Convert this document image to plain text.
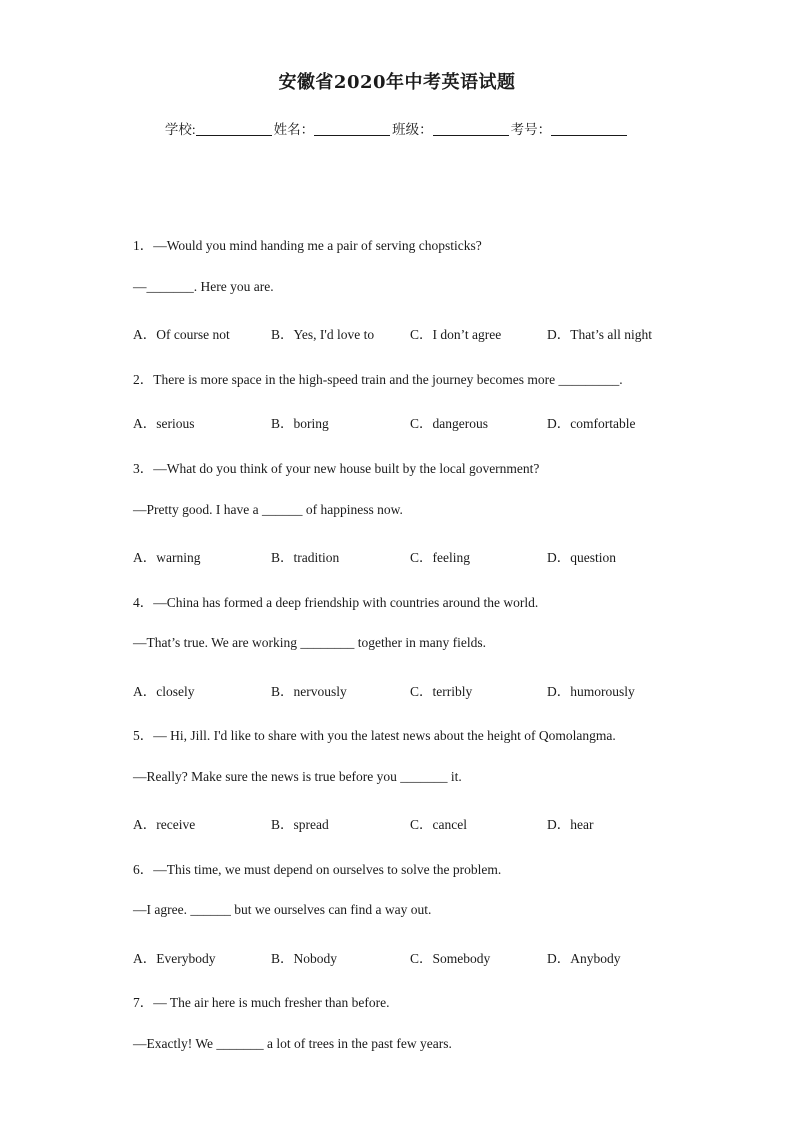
安徽省2020年中考英语试题
学校:	姓名：	班级：	考号：
1．—Would you mind handing me a pair of serving chopsticks?
—_______. Here you are.
A．Of course not	B．Yes, I'd love to	C．I don’t agree	D．That’s all night
2．There is more space in the high-speed train and the journey becomes more _________.
A．serious	B．boring	C．dangerous	D．comfortable
3．—What do you think of your new house built by the local government?
—Pretty good. I have a ______ of happiness now.
A．warning	B．tradition	C．feeling	D．question
4．—China has formed a deep friendship with countries around the world.
—That’s true. We are working ________ together in many fields.
A．closely	B．nervously	C．terribly	D．humorously
5．— Hi, Jill. I'd like to share with you the latest news about the height of Qomolangma.
—Really? Make sure the news is true before you _______ it.
A．receive	B．spread	C．cancel	D．hear
6．—This time, we must depend on ourselves to solve the problem.
—I agree. ______ but we ourselves can find a way out.
A．Everybody	B．Nobody	C．Somebody	D．Anybody
7．— The air here is much fresher than before.
—Exactly! We _______ a lot of trees in the past few years.
